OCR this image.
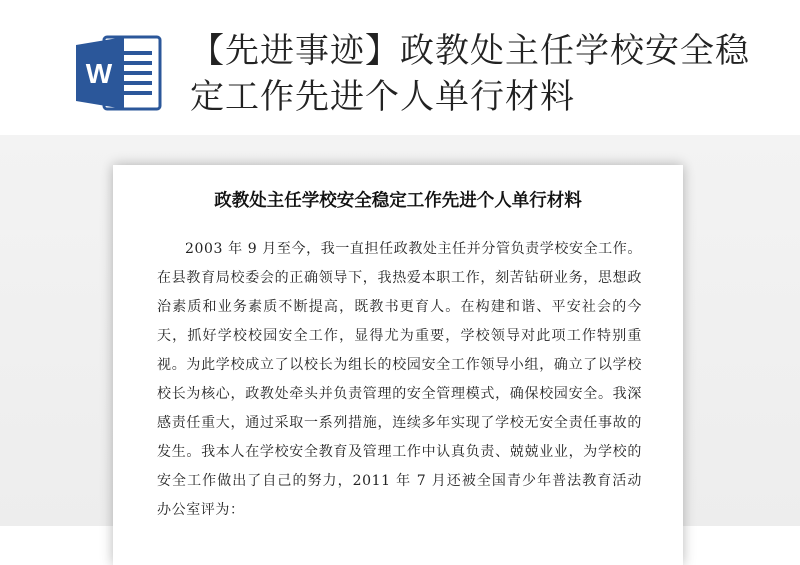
W
【先进事迹】政教处主任学校安全稳定工作先进个人单行材料
政教处主任学校安全稳定工作先进个人单行材料

2003 年 9 月至今，我一直担任政教处主任并分管负责学校安全工作。在县教育局校委会的正确领导下，我热爱本职工作，刻苦钻研业务，思想政治素质和业务素质不断提高，既教书更育人。在构建和谐、平安社会的今天，抓好学校校园安全工作，显得尤为重要，学校领导对此项工作特别重视。为此学校成立了以校长为组长的校园安全工作领导小组，确立了以学校校长为核心，政教处牵头并负责管理的安全管理模式，确保校园安全。我深感责任重大，通过采取一系列措施，连续多年实现了学校无安全责任事故的发生。我本人在学校安全教育及管理工作中认真负责、兢兢业业，为学校的安全工作做出了自己的努力，2011 年 7 月还被全国青少年普法教育活动办公室评为：
